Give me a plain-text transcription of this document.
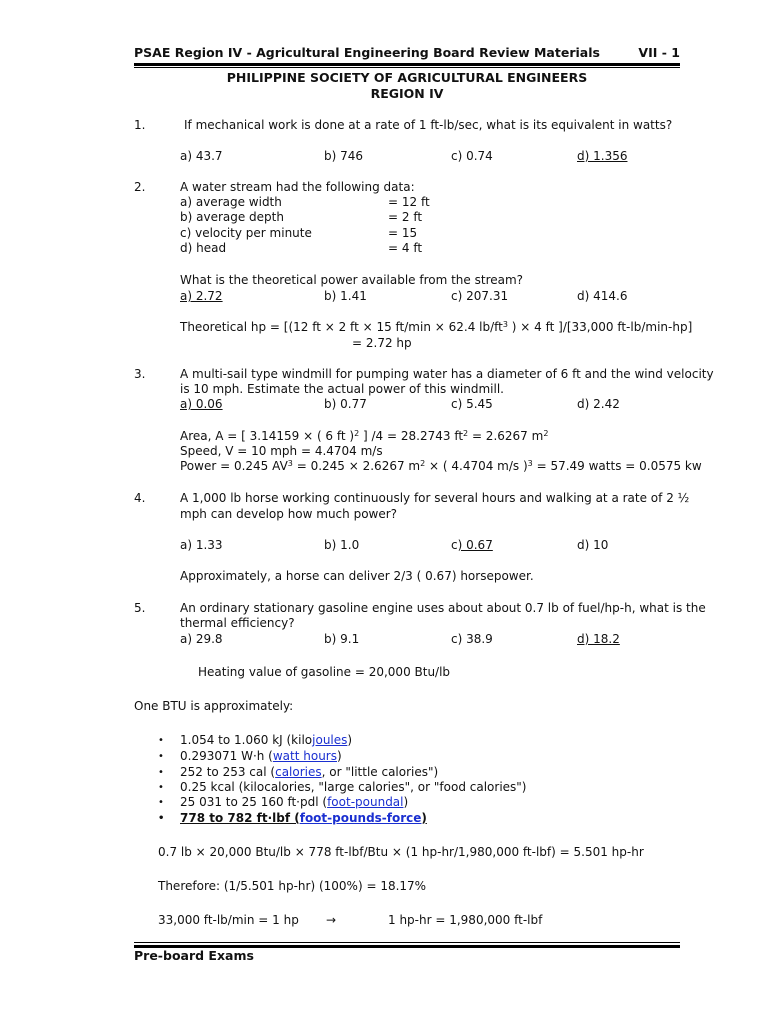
PSAE Region IV - Agricultural Engineering Board Review Materials	VII - 1
PHILIPPINE SOCIETY OF AGRICULTURAL ENGINEERS
REGION IV
1.	If mechanical work is done at a rate of 1 ft-lb/sec, what is its equivalent in watts?
a) 43.7	b) 746	c) 0.74	d) 1.356
2.	A water stream had the following data:
a) average width	= 12 ft
b) average depth	= 2 ft
c) velocity per minute	= 15
d) head	= 4 ft
What is the theoretical power available from the stream?
a) 2.72	b) 1.41	c) 207.31	d) 414.6
Theoretical hp = [(12 ft × 2 ft × 15 ft/min × 62.4 $lb/ft^3$ ) × 4 ft ]/[33,000 ft-lb/min-hp]
= 2.72 hp
3.	A multi-sail type windmill for pumping water has a diameter of 6 ft and the wind velocity
is 10 mph. Estimate the actual power of this windmill.
a) 0.06	b) 0.77	c) 5.45	d) 2.42
Area, A = [ 3.14159 × ( 6 ft )$^2$ ] /4 = 28.2743 $ft^2 = 2.6267$ $m^2$
Speed, V = 10 mph = 4.4704 m/s
Power = 0.245 $AV^3 = 0.245 \times 2.6267$ $m^2$ × ( 4.4704 m/s )$^3$ = 57.49 watts = 0.0575 kw
4.	A 1,000 lb horse working continuously for several hours and walking at a rate of 2 ½
mph can develop how much power?
a) 1.33	b) 1.0	c) 0.67	d) 10
Approximately, a horse can deliver 2/3 ( 0.67) horsepower.
5.	An ordinary stationary gasoline engine uses about about 0.7 lb of fuel/hp-h, what is the
thermal efficiency?
a) 29.8	b) 9.1	c) 38.9	d) 18.2
Heating value of gasoline = 20,000 Btu/lb
One BTU is approximately:
• 1.054 to 1.060 kJ (kilojoules)
• 0.293071 W·h (watt hours)
• 252 to 253 cal (calories, or "little calories")
• 0.25 kcal (kilocalories, "large calories", or "food calories")
• 25 031 to 25 160 ft·pdl (foot-poundal)
• 778 to 782 ft·lbf (foot-pounds-force)
0.7 lb × 20,000 Btu/lb × 778 ft-lbf/Btu × (1 hp-hr/1,980,000 ft-lbf) = 5.501 hp-hr
Therefore: (1/5.501 hp-hr) (100%) = 18.17%
33,000 ft-lb/min = 1 hp →	1 hp-hr = 1,980,000 ft-lbf
Pre-board Exams
